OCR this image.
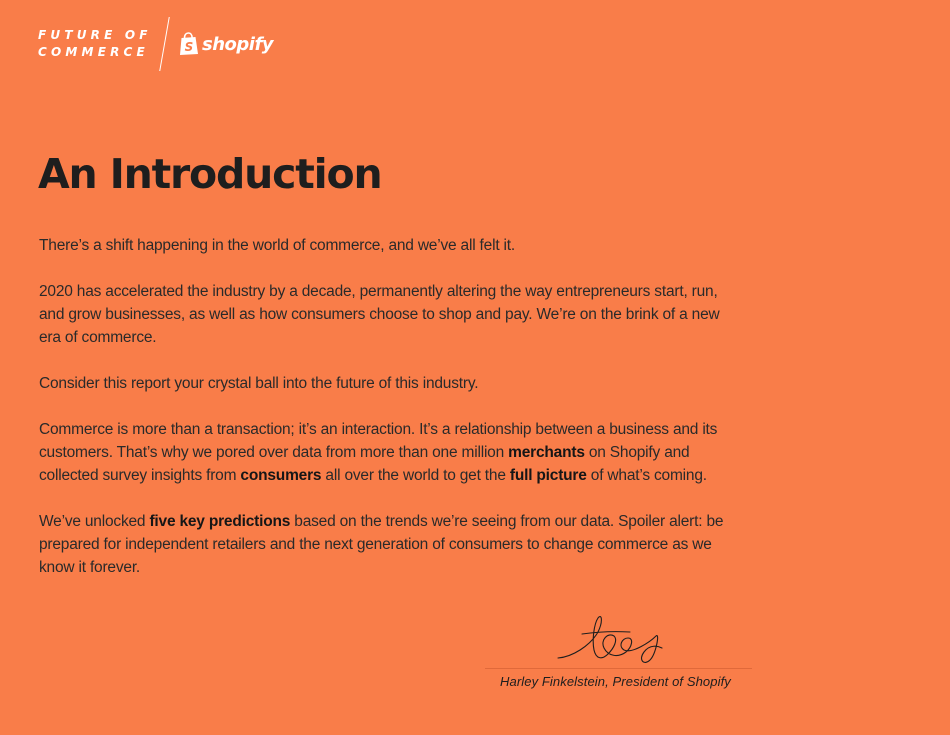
FUTURE OF
COMMERCE	S shopify
An Introduction

There’s a shift happening in the world of commerce, and we’ve all felt it.

2020 has accelerated the industry by a decade, permanently altering the way entrepreneurs start, run, and grow businesses, as well as how consumers choose to shop and pay. We’re on the brink of a new era of commerce.

Consider this report your crystal ball into the future of this industry.

Commerce is more than a transaction; it’s an interaction. It’s a relationship between a business and its customers. That’s why we pored over data from more than one million merchants on Shopify and collected survey insights from consumers all over the world to get the full picture of what’s coming.

We’ve unlocked five key predictions based on the trends we’re seeing from our data. Spoiler alert: be prepared for independent retailers and the next generation of consumers to change commerce as we know it forever.

Harley Finkelstein, President of Shopify
